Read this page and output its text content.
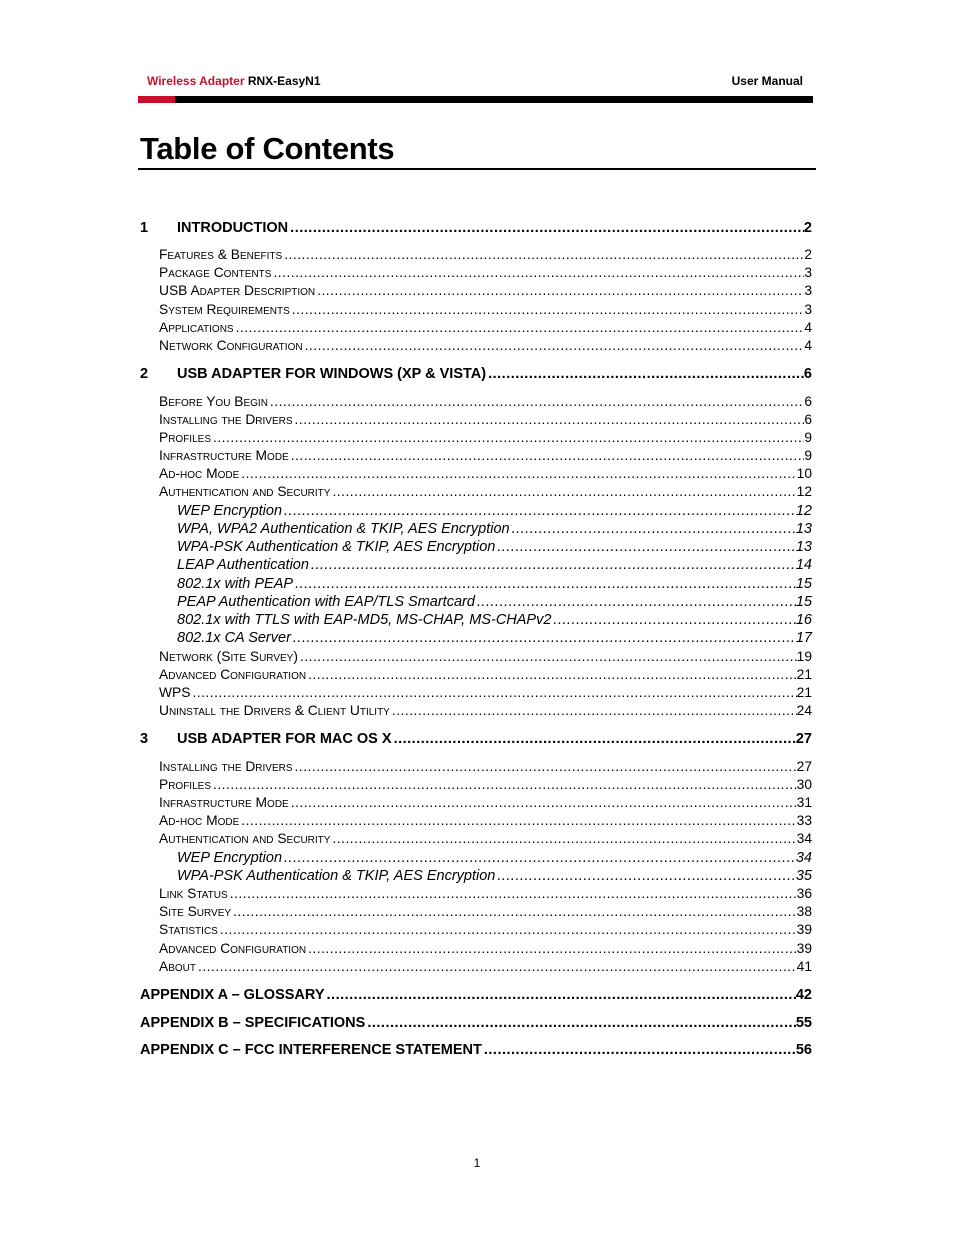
Wireless Adapter RNX-EasyN1	User Manual
Table of Contents
1 INTRODUCTION .....	2
Features & Benefits .....	2
Package Contents .....	3
USB Adapter Description .....	3
System Requirements .....	3
Applications .....	4
Network Configuration .....	4
2 USB ADAPTER FOR WINDOWS (XP & VISTA) .....	6
Before You Begin .....	6
Installing the Drivers .....	6
Profiles .....	9
Infrastructure Mode .....	9
Ad-hoc Mode .....	10
Authentication and Security .....	12
WEP Encryption .....	12
WPA, WPA2 Authentication & TKIP, AES Encryption .....	13
WPA-PSK Authentication & TKIP, AES Encryption .....	13
LEAP Authentication .....	14
802.1x with PEAP .....	15
PEAP Authentication with EAP/TLS Smartcard .....	15
802.1x with TTLS with EAP-MD5, MS-CHAP, MS-CHAPv2 .....	16
802.1x CA Server .....	17
Network (Site Survey) .....	19
Advanced Configuration .....	21
WPS .....	21
Uninstall the Drivers & Client Utility .....	24
3 USB ADAPTER FOR MAC OS X .....	27
Installing the Drivers .....	27
Profiles .....	30
Infrastructure Mode .....	31
Ad-hoc Mode .....	33
Authentication and Security .....	34
WEP Encryption .....	34
WPA-PSK Authentication & TKIP, AES Encryption .....	35
Link Status .....	36
Site Survey .....	38
Statistics .....	39
Advanced Configuration .....	39
About .....	41
APPENDIX A – GLOSSARY .....	42
APPENDIX B – SPECIFICATIONS .....	55
APPENDIX C – FCC INTERFERENCE STATEMENT .....	56
1
